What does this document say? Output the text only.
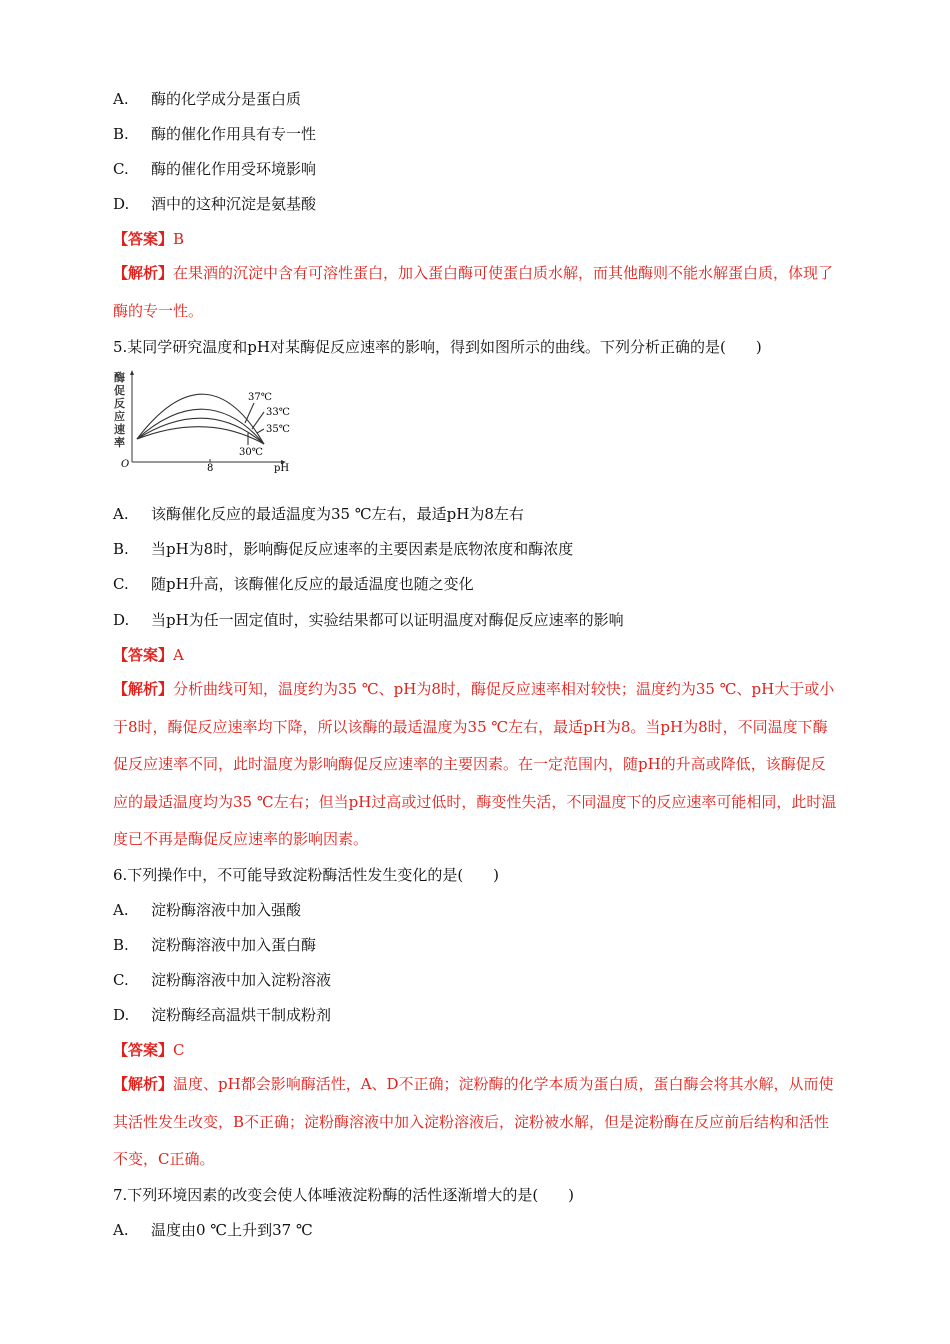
A. 酶的化学成分是蛋白质
B. 酶的催化作用具有专一性
C. 酶的催化作用受环境影响
D. 酒中的这种沉淀是氨基酸
【答案】B
【解析】在果酒的沉淀中含有可溶性蛋白，加入蛋白酶可使蛋白质水解，而其他酶则不能水解蛋白质，体现了酶的专一性。
5.某同学研究温度和pH对某酶促反应速率的影响，得到如图所示的曲线。下列分析正确的是(　　)
酶
促
反
应
速
率
O	8	pH
37℃
33℃
35℃
30℃
A. 该酶催化反应的最适温度为35 ℃左右，最适pH为8左右
B. 当pH为8时，影响酶促反应速率的主要因素是底物浓度和酶浓度
C. 随pH升高，该酶催化反应的最适温度也随之变化
D. 当pH为任一固定值时，实验结果都可以证明温度对酶促反应速率的影响
【答案】A
【解析】分析曲线可知，温度约为35 ℃、pH为8时，酶促反应速率相对较快；温度约为35 ℃、pH大于或小于8时，酶促反应速率均下降，所以该酶的最适温度为35 ℃左右，最适pH为8。当pH为8时，不同温度下酶促反应速率不同，此时温度为影响酶促反应速率的主要因素。在一定范围内，随pH的升高或降低，该酶促反应的最适温度均为35 ℃左右；但当pH过高或过低时，酶变性失活，不同温度下的反应速率可能相同，此时温度已不再是酶促反应速率的影响因素。
6.下列操作中，不可能导致淀粉酶活性发生变化的是(　　)
A. 淀粉酶溶液中加入强酸
B. 淀粉酶溶液中加入蛋白酶
C. 淀粉酶溶液中加入淀粉溶液
D. 淀粉酶经高温烘干制成粉剂
【答案】C
【解析】温度、pH都会影响酶活性，A、D不正确；淀粉酶的化学本质为蛋白质，蛋白酶会将其水解，从而使其活性发生改变，B不正确；淀粉酶溶液中加入淀粉溶液后，淀粉被水解，但是淀粉酶在反应前后结构和活性不变，C正确。
7.下列环境因素的改变会使人体唾液淀粉酶的活性逐渐增大的是(　　)
A. 温度由0 ℃上升到37 ℃
